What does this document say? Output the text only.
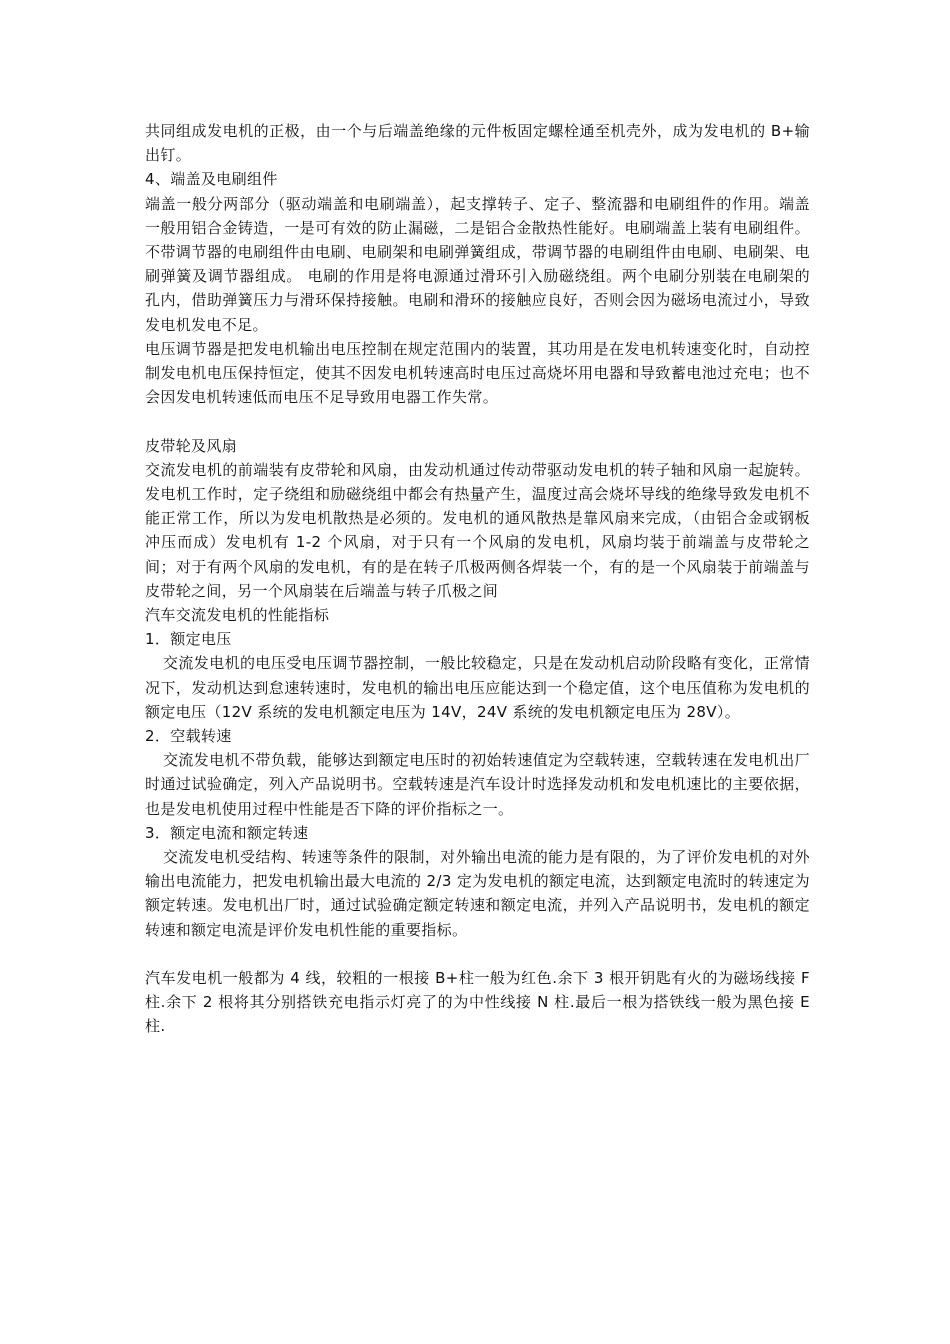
共同组成发电机的正极，由一个与后端盖绝缘的元件板固定螺栓通至机壳外，成为发电机的 B+输出钉。

4、端盖及电刷组件

端盖一般分两部分（驱动端盖和电刷端盖），起支撑转子、定子、整流器和电刷组件的作用。端盖一般用铝合金铸造，一是可有效的防止漏磁，二是铝合金散热性能好。电刷端盖上装有电刷组件。不带调节器的电刷组件由电刷、电刷架和电刷弹簧组成，带调节器的电刷组件由电刷、电刷架、电刷弹簧及调节器组成。 电刷的作用是将电源通过滑环引入励磁绕组。两个电刷分别装在电刷架的孔内，借助弹簧压力与滑环保持接触。电刷和滑环的接触应良好，否则会因为磁场电流过小，导致发电机发电不足。

电压调节器是把发电机输出电压控制在规定范围内的装置，其功用是在发电机转速变化时，自动控制发电机电压保持恒定，使其不因发电机转速高时电压过高烧坏用电器和导致蓄电池过充电；也不会因发电机转速低而电压不足导致用电器工作失常。

皮带轮及风扇

交流发电机的前端装有皮带轮和风扇，由发动机通过传动带驱动发电机的转子轴和风扇一起旋转。发电机工作时，定子绕组和励磁绕组中都会有热量产生，温度过高会烧坏导线的绝缘导致发电机不能正常工作，所以为发电机散热是必须的。发电机的通风散热是靠风扇来完成，（由铝合金或钢板冲压而成）发电机有 1-2 个风扇，对于只有一个风扇的发电机，风扇均装于前端盖与皮带轮之间；对于有两个风扇的发电机，有的是在转子爪极两侧各焊装一个，有的是一个风扇装于前端盖与皮带轮之间，另一个风扇装在后端盖与转子爪极之间

汽车交流发电机的性能指标

1．额定电压

交流发电机的电压受电压调节器控制，一般比较稳定，只是在发动机启动阶段略有变化，正常情况下，发动机达到怠速转速时，发电机的输出电压应能达到一个稳定值，这个电压值称为发电机的额定电压（12V 系统的发电机额定电压为 14V，24V 系统的发电机额定电压为 28V）。

2．空载转速

交流发电机不带负载，能够达到额定电压时的初始转速值定为空载转速，空载转速在发电机出厂时通过试验确定，列入产品说明书。空载转速是汽车设计时选择发动机和发电机速比的主要依据，也是发电机使用过程中性能是否下降的评价指标之一。

3．额定电流和额定转速

交流发电机受结构、转速等条件的限制，对外输出电流的能力是有限的，为了评价发电机的对外输出电流能力，把发电机输出最大电流的 2/3 定为发电机的额定电流，达到额定电流时的转速定为额定转速。发电机出厂时，通过试验确定额定转速和额定电流，并列入产品说明书，发电机的额定转速和额定电流是评价发电机性能的重要指标。

汽车发电机一般都为 4 线，较粗的一根接 B+柱一般为红色.余下 3 根开钥匙有火的为磁场线接 F 柱.余下 2 根将其分别搭铁充电指示灯亮了的为中性线接 N 柱.最后一根为搭铁线一般为黑色接 E 柱.
